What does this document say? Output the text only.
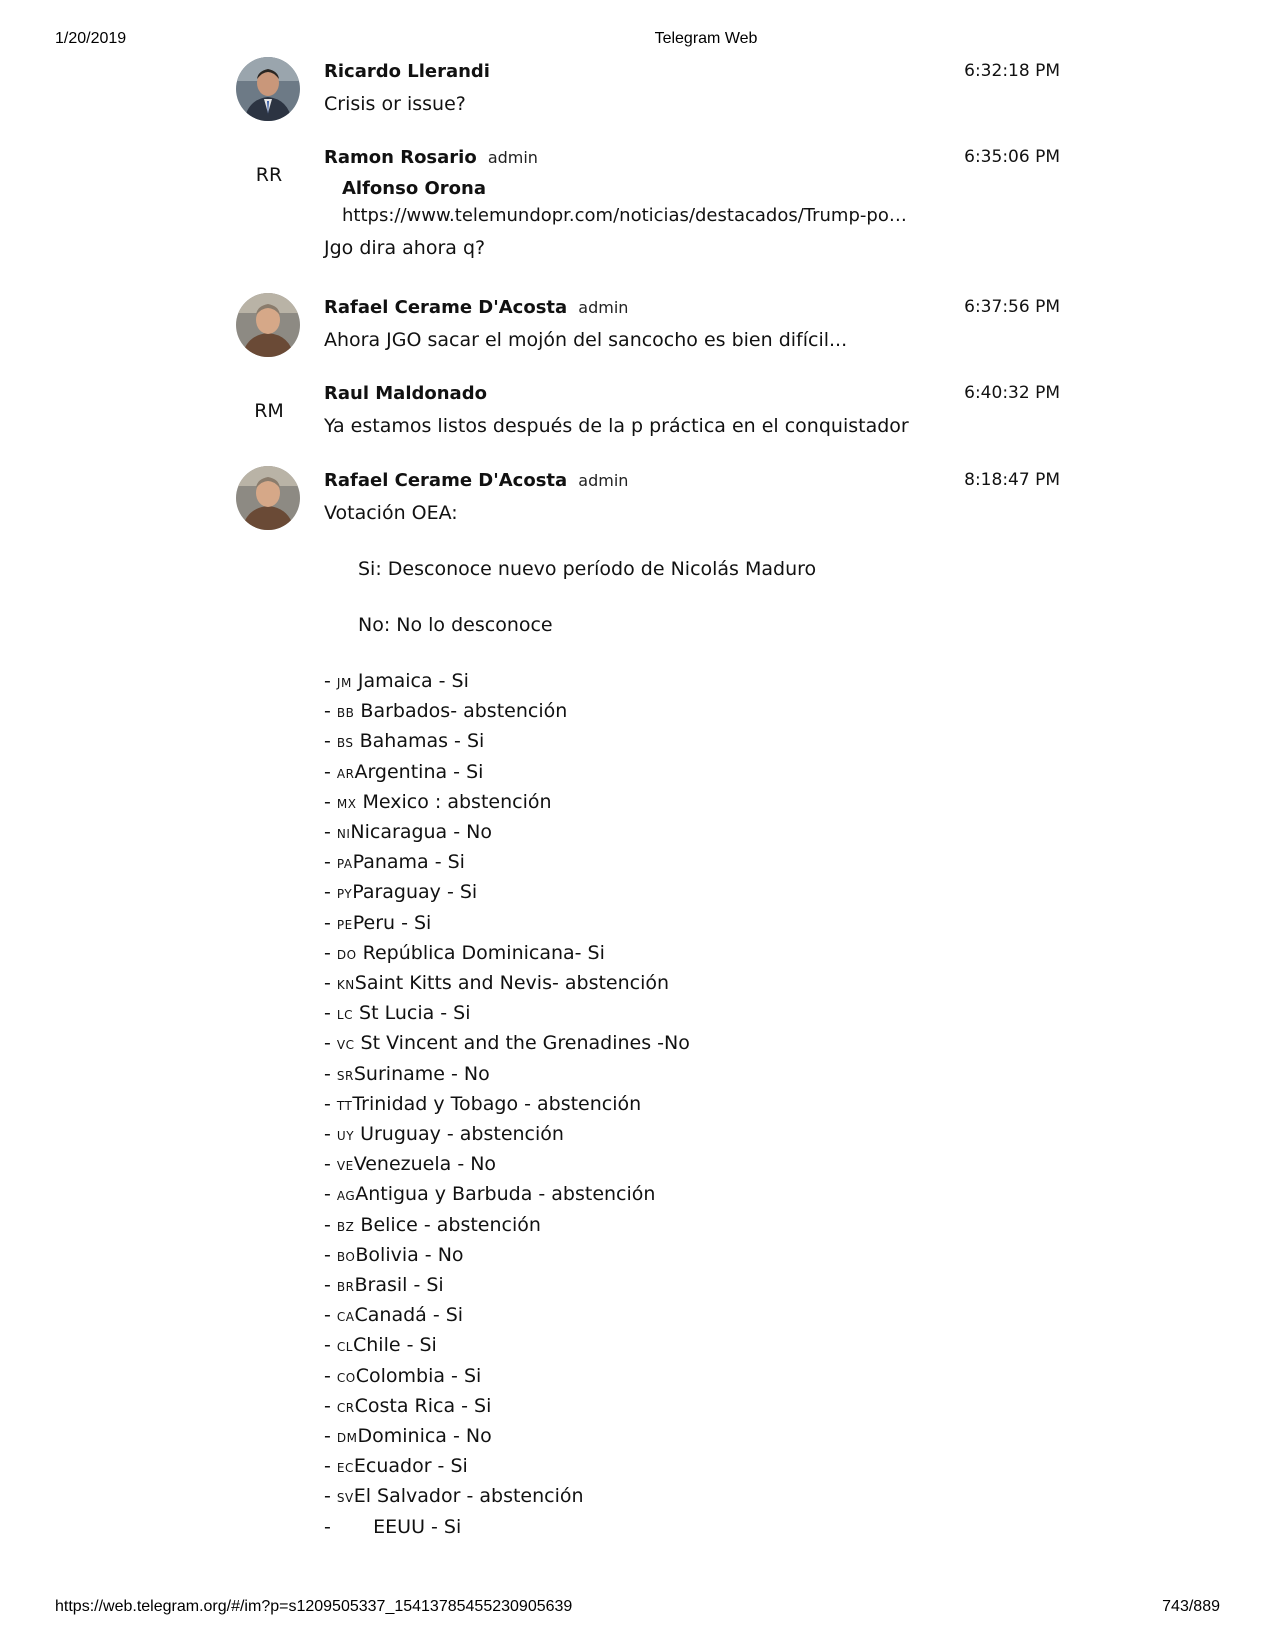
1/20/2019	Telegram Web
Ricardo Llerandi
Crisis or issue?
6:32:18 PM
RR
Ramon Rosario admin
Alfonso Orona
https://www.telemundopr.com/noticias/destacados/Trump-po…
Jgo dira ahora q?
6:35:06 PM
Rafael Cerame D'Acosta admin
Ahora JGO sacar el mojón del sancocho es bien difícil...
6:37:56 PM
RM
Raul Maldonado
Ya estamos listos después de la p práctica en el conquistador
6:40:32 PM
Rafael Cerame D'Acosta admin
Votación OEA:
Si: Desconoce nuevo período de Nicolás Maduro
No: No lo desconoce
- JM Jamaica - Si
- BB Barbados- abstención
- BS Bahamas - Si
- ARArgentina - Si
- MX Mexico : abstención
- NINicaragua - No
- PAPanama - Si
- PYParaguay - Si
- PEPeru - Si
- DO República Dominicana- Si
- KNSaint Kitts and Nevis- abstención
- LC St Lucia - Si
- VC St Vincent and the Grenadines -No
- SRSuriname - No
- TTTrinidad y Tobago - abstención
- UY Uruguay - abstención
- VEVenezuela - No
- AGAntigua y Barbuda - abstención
- BZ Belice - abstención
- BOBolivia - No
- BRBrasil - Si
- CACanadá - Si
- CLChile - Si
- COColombia - Si
- CRCosta Rica - Si
- DMDominica - No
- ECEcuador - Si
- SVEl Salvador - abstención
-       EEUU - Si
8:18:47 PM
https://web.telegram.org/#/im?p=s1209505337_15413785455230905639	743/889
